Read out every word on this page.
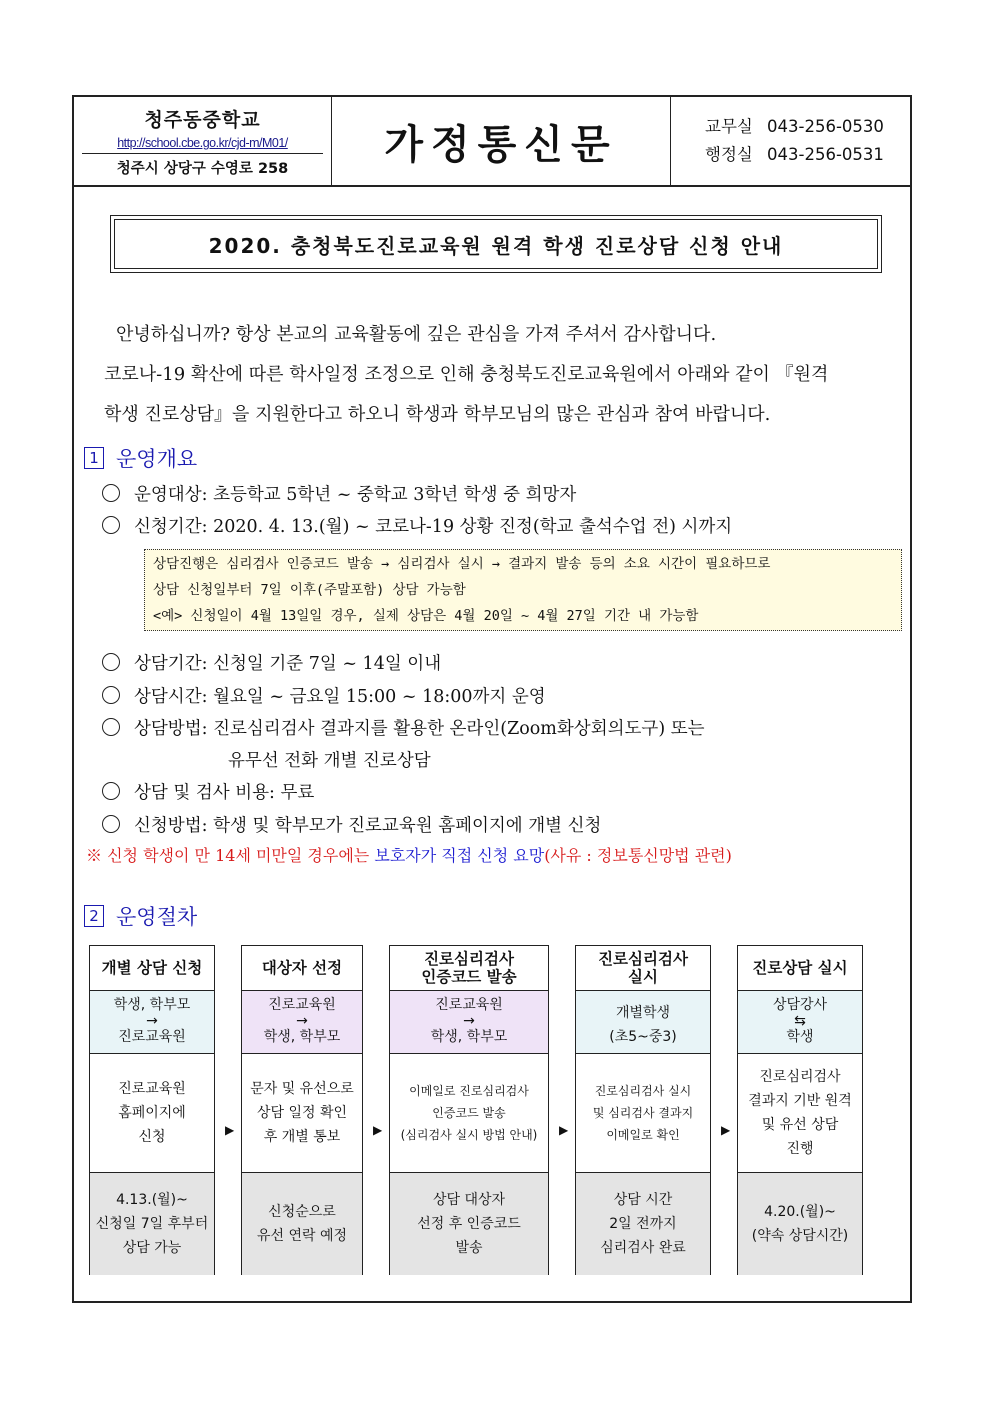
청주동중학교
http://school.cbe.go.kr/cjd-m/M01/
청주시 상당구 수영로 258
가정통신문	교무실 043-256-0530
행정실 043-256-0531
2020. 충청북도진로교육원 원격 학생 진로상담 신청 안내

안녕하십니까? 항상 본교의 교육활동에 깊은 관심을 가져 주셔서 감사합니다.

코로나-19 확산에 따른 학사일정 조정으로 인해 충청북도진로교육원에서 아래와 같이 『원격

학생 진로상담』을 지원한다고 하오니 학생과 학부모님의 많은 관심과 참여 바랍니다.

1 운영개요
운영대상: 초등학교 5학년 ~ 중학교 3학년 학생 중 희망자
신청기간: 2020. 4. 13.(월) ~ 코로나-19 상황 진정(학교 출석수업 전) 시까지
상담진행은 심리검사 인증코드 발송 → 심리검사 실시 → 결과지 발송 등의 소요 시간이 필요하므로
상담 신청일부터 7일 이후(주말포함) 상담 가능함
<예> 신청일이 4월 13일일 경우, 실제 상담은 4월 20일 ~ 4월 27일 기간 내 가능함
상담기간: 신청일 기준 7일 ~ 14일 이내
상담시간: 월요일 ~ 금요일 15:00 ~ 18:00까지 운영
상담방법: 진로심리검사 결과지를 활용한 온라인(Zoom화상회의도구) 또는
유무선 전화 개별 진로상담
상담 및 검사 비용: 무료
신청방법: 학생 및 학부모가 진로교육원 홈페이지에 개별 신청
※ 신청 학생이 만 14세 미만일 경우에는 보호자가 직접 신청 요망(사유 : 정보통신망법 관련)
2 운영절차
개별 상담 신청
학생, 학부모
→
진로교육원
진로교육원
홈페이지에
신청
4.13.(월)~
신청일 7일 후부터
상담 가능
▶
대상자 선정
진로교육원
→
학생, 학부모
문자 및 유선으로
상담 일정 확인
후 개별 통보
신청순으로
유선 연락 예정
▶
진로심리검사
인증코드 발송
진로교육원
→
학생, 학부모
이메일로 진로심리검사
인증코드 발송
(심리검사 실시 방법 안내)
상담 대상자
선정 후 인증코드
발송
▶
진로심리검사
실시
개별학생
(초5~중3)
진로심리검사 실시
및 심리검사 결과지
이메일로 확인
상담 시간
2일 전까지
심리검사 완료
▶
진로상담 실시
상담강사
⇆
학생
진로심리검사
결과지 기반 원격
및 유선 상담
진행
4.20.(월)~
(약속 상담시간)
